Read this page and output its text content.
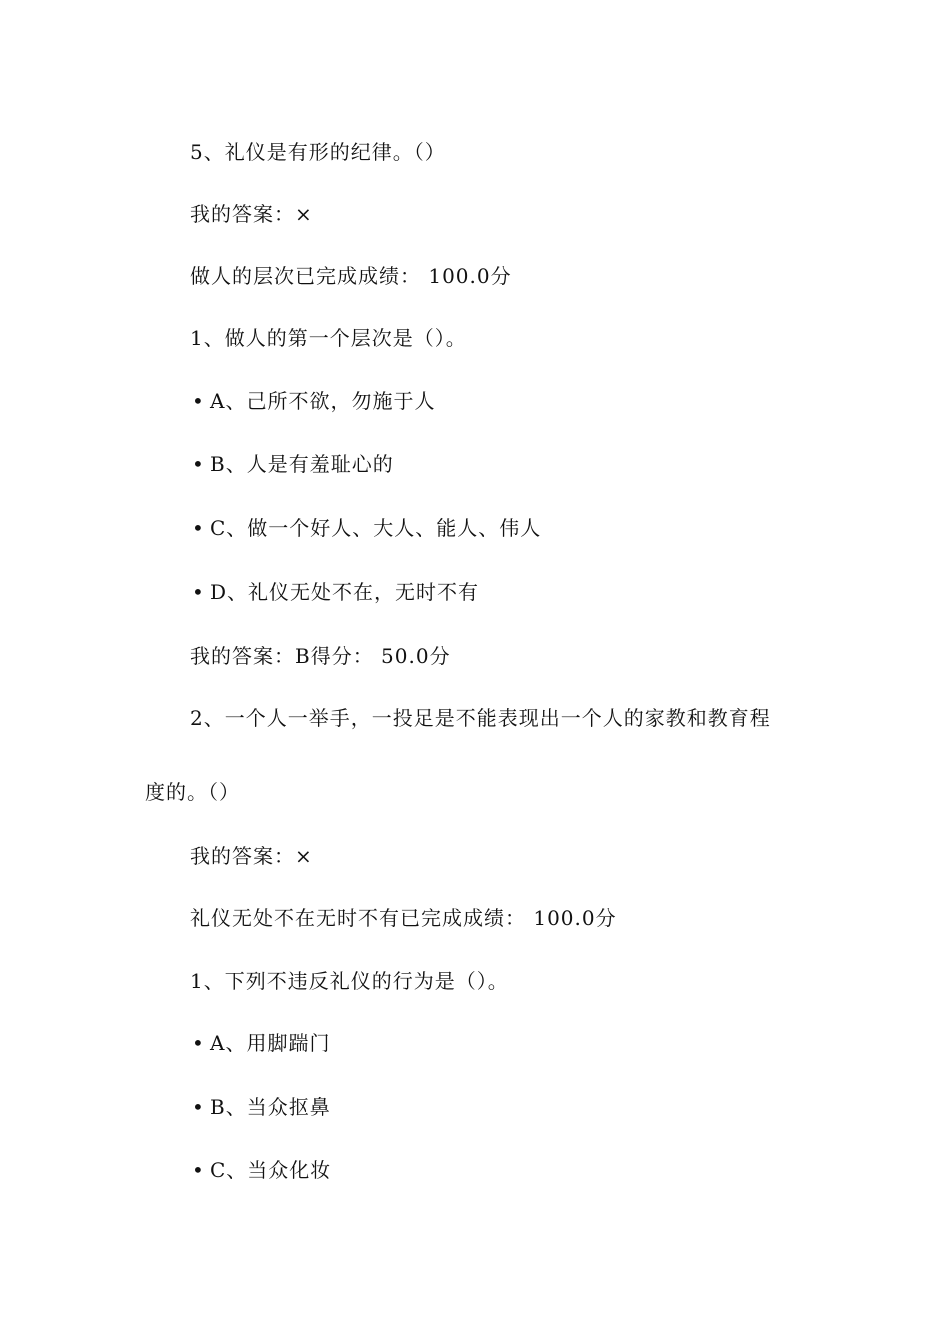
5、礼仪是有形的纪律。（）
我的答案：×
做人的层次已完成成绩： 100.0分
1、做人的第一个层次是（）。
• A、己所不欲，勿施于人
• B、人是有羞耻心的
• C、做一个好人、大人、能人、伟人
• D、礼仪无处不在，无时不有
我的答案：B得分： 50.0分
2、一个人一举手，一投足是不能表现出一个人的家教和教育程
度的。（）
我的答案：×
礼仪无处不在无时不有已完成成绩： 100.0分
1、下列不违反礼仪的行为是（）。
• A、用脚踹门
• B、当众抠鼻
• C、当众化妆
